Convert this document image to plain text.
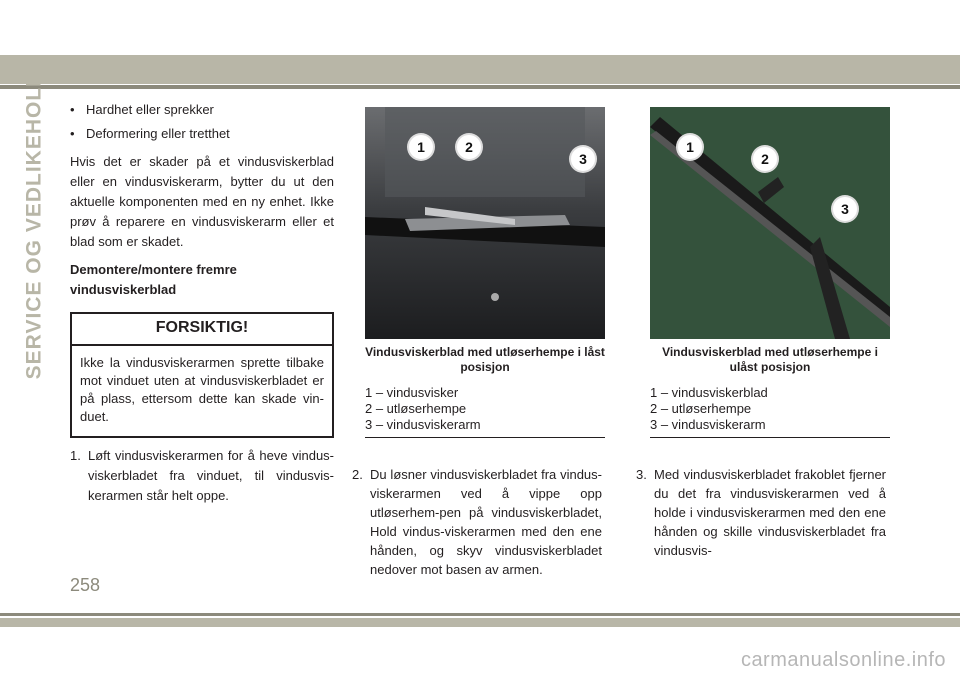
SERVICE OG VEDLIKEHOLD • Hardhet eller sprekker
• Deformering eller tretthet

Hvis det er skader på et vindusviskerblad eller en vindusviskerarm, bytter du ut den aktuelle komponenten med en ny enhet. Ikke prøv å reparere en vindusviskerarm eller et blad som er skadet.

Demontere/montere fremre vindusviskerblad
FORSIKTIG!
Ikke la vindusviskerarmen sprette tilbake mot vinduet uten at vindusviskerbladet er på plass, ettersom dette kan skade vin-duet.
1. Løft vindusviskerarmen for å heve vindus-viskerbladet fra vinduet, til vindusvis-kerarmen står helt oppe.
1	2
3
Vindusviskerblad med utløserhempe i låst posisjon
1 – vindusvisker
2 – utløserhempe
3 – vindusviskerarm
1
2
3
Vindusviskerblad med utløserhempe i ulåst posisjon
1 – vindusviskerblad
2 – utløserhempe
3 – vindusviskerarm
2. Du løsner vindusviskerbladet fra vindus-viskerarmen ved å vippe opp utløserhem-pen på vindusviskerbladet, Hold vindus-viskerarmen med den ene hånden, og skyv vindusviskerbladet nedover mot basen av armen.
3. Med vindusviskerbladet frakoblet fjerner du det fra vindusviskerarmen ved å holde i vindusviskerarmen med den ene hånden og skille vindusviskerbladet fra vindusvis-
258
carmanualsonline.info
